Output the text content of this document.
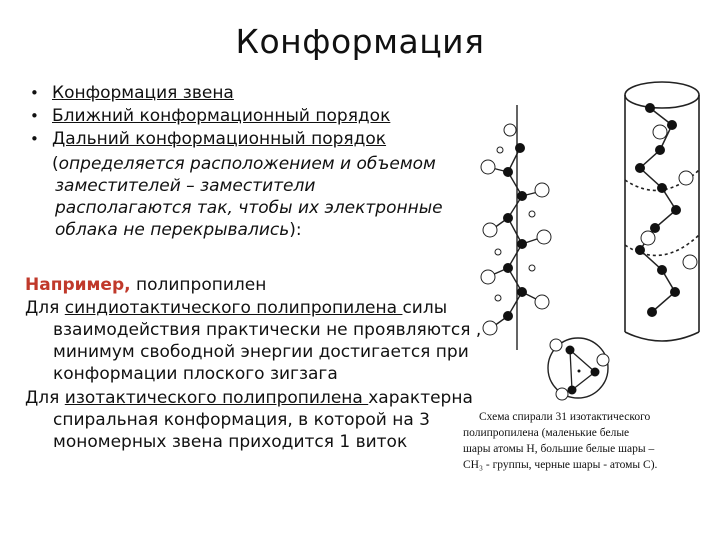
Конформация
• Конформация звена
• Ближний конформационный порядок
• Дальний конформационный порядок
(определяется расположением и объемом
заместителей – заместители
располагаются так, чтобы их электронные
облака не перекрывались):
Например, полипропилен
Для синдиотактического полипропилена силы
взаимодействия практически не проявляются ,
минимум свободной энергии достигается при
конформации плоского зигзага
Для изотактического полипропилена характерна
спиральная конформация, в которой на 3
мономерных звена приходится 1 виток
Схема спирали 31 изотактического
полипропилена (маленькие белые
шары атомы Н, большие белые шары –
СН₃ - группы, черные шары - атомы С).
